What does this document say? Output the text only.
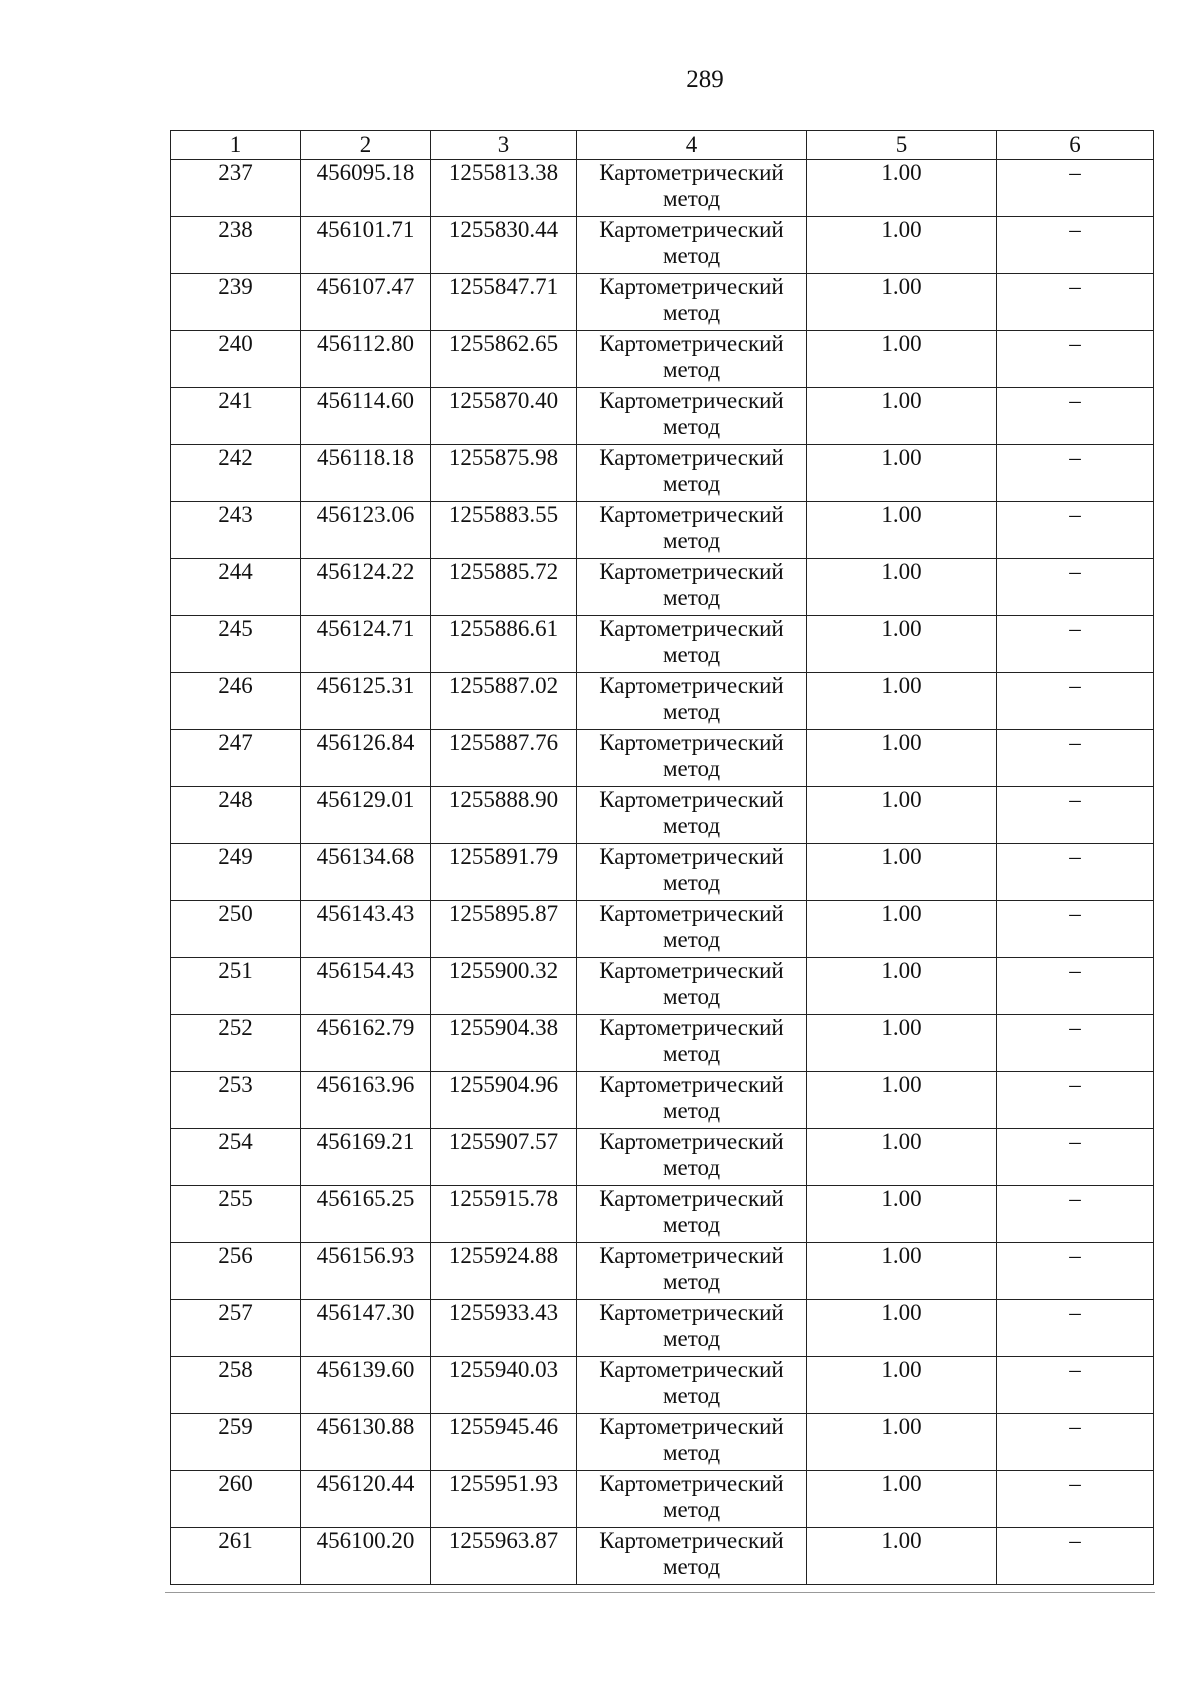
289
1	2	3	4	5	6
237	456095.18	1255813.38	Картометрический метод	1.00	–
238	456101.71	1255830.44	Картометрический метод	1.00	–
239	456107.47	1255847.71	Картометрический метод	1.00	–
240	456112.80	1255862.65	Картометрический метод	1.00	–
241	456114.60	1255870.40	Картометрический метод	1.00	–
242	456118.18	1255875.98	Картометрический метод	1.00	–
243	456123.06	1255883.55	Картометрический метод	1.00	–
244	456124.22	1255885.72	Картометрический метод	1.00	–
245	456124.71	1255886.61	Картометрический метод	1.00	–
246	456125.31	1255887.02	Картометрический метод	1.00	–
247	456126.84	1255887.76	Картометрический метод	1.00	–
248	456129.01	1255888.90	Картометрический метод	1.00	–
249	456134.68	1255891.79	Картометрический метод	1.00	–
250	456143.43	1255895.87	Картометрический метод	1.00	–
251	456154.43	1255900.32	Картометрический метод	1.00	–
252	456162.79	1255904.38	Картометрический метод	1.00	–
253	456163.96	1255904.96	Картометрический метод	1.00	–
254	456169.21	1255907.57	Картометрический метод	1.00	–
255	456165.25	1255915.78	Картометрический метод	1.00	–
256	456156.93	1255924.88	Картометрический метод	1.00	–
257	456147.30	1255933.43	Картометрический метод	1.00	–
258	456139.60	1255940.03	Картометрический метод	1.00	–
259	456130.88	1255945.46	Картометрический метод	1.00	–
260	456120.44	1255951.93	Картометрический метод	1.00	–
261	456100.20	1255963.87	Картометрический метод	1.00	–
